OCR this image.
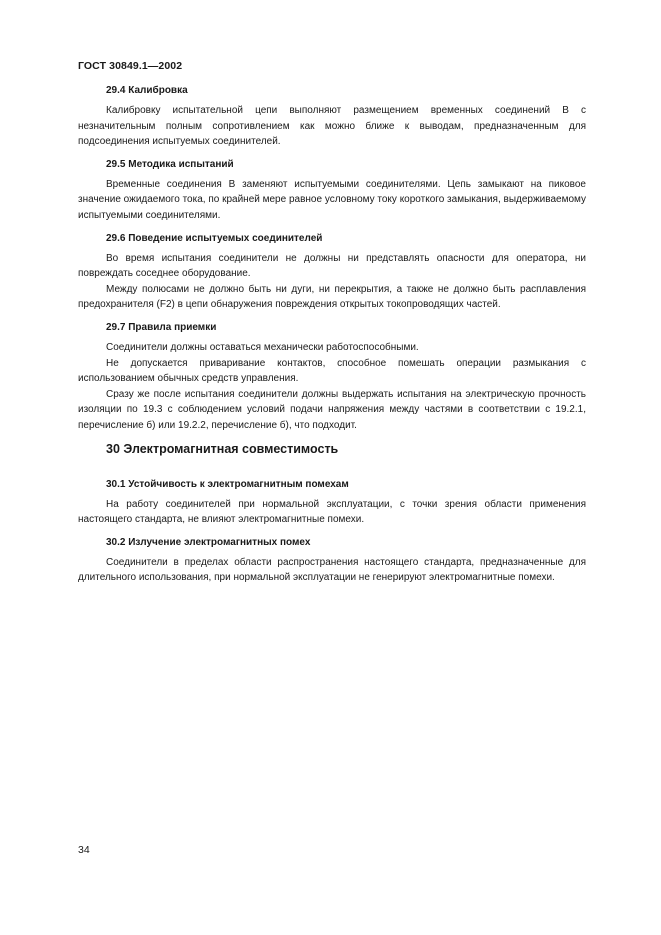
ГОСТ 30849.1—2002
29.4 Калибровка

Калибровку испытательной цепи выполняют размещением временных соединений B с незначительным полным сопротивлением как можно ближе к выводам, предназначенным для подсоединения испытуемых соединителей.

29.5 Методика испытаний

Временные соединения B заменяют испытуемыми соединителями. Цепь замыкают на пиковое значение ожидаемого тока, по крайней мере равное условному току короткого замыкания, выдерживаемому испытуемыми соединителями.

29.6 Поведение испытуемых соединителей

Во время испытания соединители не должны ни представлять опасности для оператора, ни повреждать соседнее оборудование.

Между полюсами не должно быть ни дуги, ни перекрытия, а также не должно быть расплавления предохранителя (F2) в цепи обнаружения повреждения открытых токопроводящих частей.

29.7 Правила приемки

Соединители должны оставаться механически работоспособными.

Не допускается приваривание контактов, способное помешать операции размыкания с использованием обычных средств управления.

Сразу же после испытания соединители должны выдержать испытания на электрическую прочность изоляции по 19.3 с соблюдением условий подачи напряжения между частями в соответствии с 19.2.1, перечисление б) или 19.2.2, перечисление б), что подходит.

30 Электромагнитная совместимость
30.1 Устойчивость к электромагнитным помехам

На работу соединителей при нормальной эксплуатации, с точки зрения области применения настоящего стандарта, не влияют электромагнитные помехи.

30.2 Излучение электромагнитных помех

Соединители в пределах области распространения настоящего стандарта, предназначенные для длительного использования, при нормальной эксплуатации не генерируют электромагнитные помехи.

34
